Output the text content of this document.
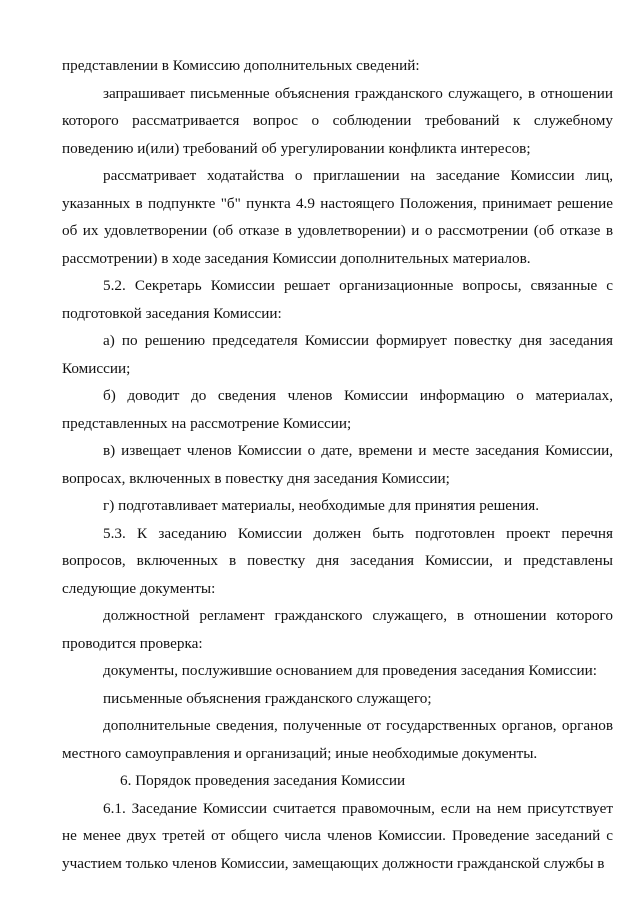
представлении в Комиссию дополнительных сведений:

запрашивает письменные объяснения гражданского служащего, в отношении которого рассматривается вопрос о соблюдении требований к служебному поведению и(или) требований об урегулировании конфликта интересов;

рассматривает ходатайства о приглашении на заседание Комиссии лиц, указанных в подпункте "б" пункта 4.9 настоящего Положения, принимает решение об их удовлетворении (об отказе в удовлетворении) и о рассмотрении (об отказе в рассмотрении) в ходе заседания Комиссии дополнительных материалов.

5.2. Секретарь Комиссии решает организационные вопросы, связанные с подготовкой заседания Комиссии:

а) по решению председателя Комиссии формирует повестку дня заседания Комиссии;

б) доводит до сведения членов Комиссии информацию о материалах, представленных на рассмотрение Комиссии;

в) извещает членов Комиссии о дате, времени и месте заседания Комиссии, вопросах, включенных в повестку дня заседания Комиссии;

г) подготавливает материалы, необходимые для принятия решения.

5.3. К заседанию Комиссии должен быть подготовлен проект перечня вопросов, включенных в повестку дня заседания Комиссии, и представлены следующие документы:

должностной регламент гражданского служащего, в отношении которого проводится проверка:

документы, послужившие основанием для проведения заседания Комиссии:

письменные объяснения гражданского служащего;

дополнительные сведения, полученные от государственных органов, органов местного самоуправления и организаций; иные необходимые документы.

6. Порядок проведения заседания Комиссии

6.1. Заседание Комиссии считается правомочным, если на нем присутствует не менее двух третей от общего числа членов Комиссии. Проведение заседаний с участием только членов Комиссии, замещающих должности гражданской службы в
